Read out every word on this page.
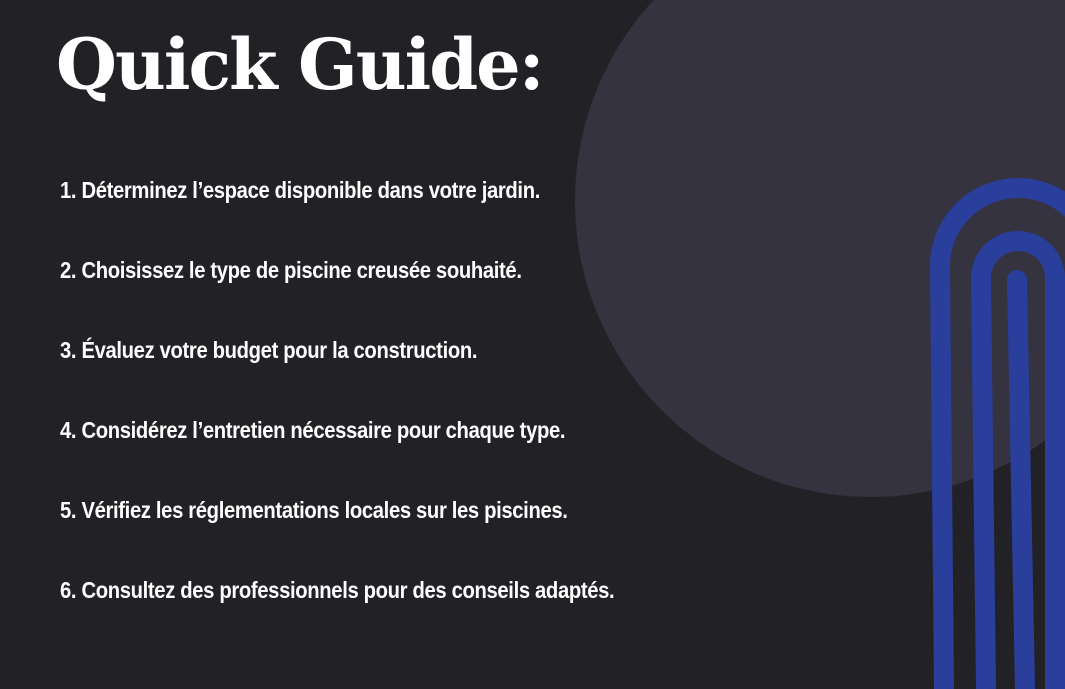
Quick Guide:
1. Déterminez l’espace disponible dans votre jardin.
2. Choisissez le type de piscine creusée souhaité.
3. Évaluez votre budget pour la construction.
4. Considérez l’entretien nécessaire pour chaque type.
5. Vérifiez les réglementations locales sur les piscines.
6. Consultez des professionnels pour des conseils adaptés.
